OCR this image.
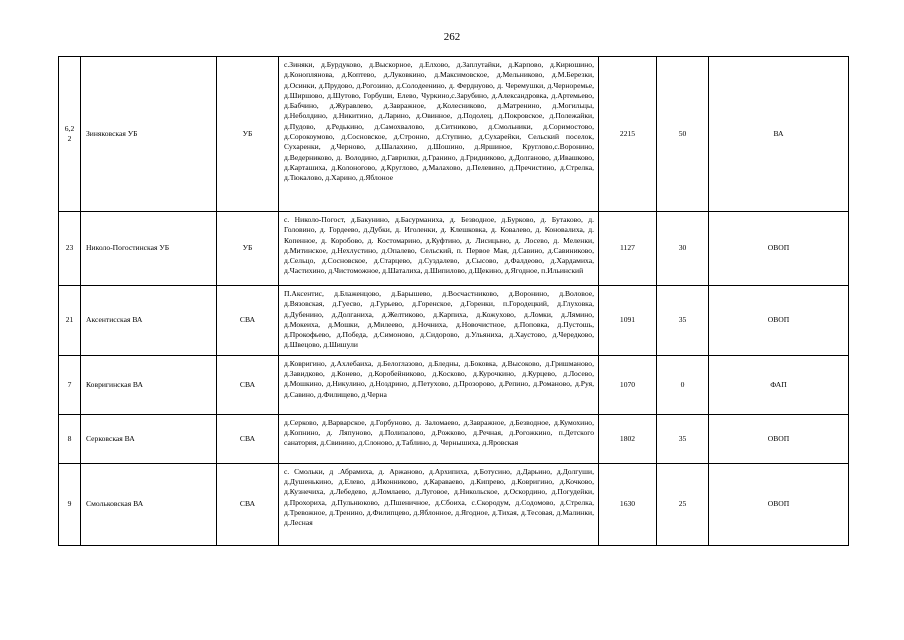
262
6,2 2	Зиняковская УБ	УБ	с.Зиняки, д.Бурдуково, д.Выскорное, д.Елхово, д.Заплутайки, д.Карпово, д.Кирюшино, д.Коноплянова, д.Коптево, д.Луковкино, д.Максимовское, д.Мельниково, д.М.Березки, д.Осинки, д.Прудово, д.Рогозино, д.Солодеенино, д. Ферднуово, д. Черемушки, д.Черноремье, д.Ширшово, д.Шутово, Горбуши, Елево, Чуркино,с.Зарубино, д.Александровка, д.Артемьево, д.Бабчино, д.Журавлево, д.Завражное, д.Колесниково, д.Матренино, д.Могильцы, д.Неболдино, д.Никитино, д.Ларино, д.Овинное, д.Подолец, д.Покровское, д.Полежайки, д.Пудово, д.Редькино, д.Самохвалово, д.Ситниково, д.Смольники, д.Соримостово, д.Сорокоумово, д.Сосновское, д.Стронно, д.Ступино, д.Сухарейки, Сельский поселок, Сухаренки, д.Черново, д.Шалахино, д.Шошино, д.Яршиное, Круглово,с.Воронино, д.Ведерниково, д. Володино, д.Гаврилки, д.Гранино, д.Гридниково, д.Долганово, д.Ивашково, д.Карташиха, д.Колоногово, д.Круглово, д.Малахово, д.Пелевино, д.Пречистино, д.Стрелка, д.Тюкалово, д.Харино, д.Яблоное	2215	50	ВА
23	Николо-Погостинская УБ	УБ	с. Николо-Погост, д.Бакунино, д.Басурманиха, д. Безводное, д.Бурково, д. Бутаково, д. Головино, д. Гордеево, д.Дубки, д. Иголенки, д. Клешковка, д. Ковалево, д. Коновалиха, д. Копенное, д. Коробово, д. Костомарино, д.Куфтино, д. Лисицыно, д. Лосево, д. Меленки, д.Митинское, д.Нехлустино, д.Опалево, Сельский, п. Первое Мая, д.Савино, д.Савиниково, д.Сельцо, д.Сосновское, д.Старцево, д.Суздалево, д.Сысово, д.Фалдеово, д.Хардамиха, д.Частихино, д.Чистоможное, д.Шаталиха, д.Шипилово, д.Щекино, д.Ягодное, п.Ильинский	1127	30	ОВОП
21	Аксентисская ВА	СВА	П.Аксентис, д.Блаженцово, д.Барышево, д.Восчастниково, д.Воронино, д.Воловое, д.Вязовская, д.Гуесво, д.Гурьево, д.Горенское, д.Горенки, п.Городецкий, д.Глуховка, д.Дубенино, д.Долганиха, д.Желтиково, д.Карпиха, д.Кожухово, д.Ломки, д.Лямино, д.Мокеиха, д.Мошки, д.Милеево, д.Ночниха, д.Новочистное, д.Поповка, д.Пустошь, д.Прокофьево, д.Победа, д.Симоново, д.Сидорово, д.Ульяниха, д.Хаустово, д.Чередково, д.Швецово, д.Шишули	1091	35	ОВОП
7	Ковригинская ВА	СВА	д.Ковригино, д.Ахлебаиха, д.Белоглазово, д.Бледны, д.Боковка, д.Высоково, д.Гришманово, д.Завидково, д.Конево, д.Коробейниково, д.Косково, д.Курочкино, д.Курцево, д.Лосево, д.Мошкино, д.Никулино, д.Ноздрино, д.Петухово, д.Прозорово, д.Репино, д.Романово, д.Руя, д.Савино, д.Филищево, д.Черна	1070	0	ФАП
8	Серковская ВА	СВА	д.Серково, д.Варварское, д.Горбуново, д. Заломаево, д.Завражное, д.Безводное, д.Кумохино, д.Копнино, д. Ляпуново, д.Полизалово, д.Рожково, д.Речная, д.Рогожкино, п.Детского санатория, д.Свинино, д.Слоново, д.Таблино, д. Чернышиха, д.Яровская	1802	35	ОВОП
9	Смольковская ВА	СВА	с. Смольки, д .Абрамиха, д. Аржаново, д.Архипиха, д.Ботусино, д.Дарьино, д.Долгуши, д.Душенькино, д.Елево, д.Иконниково, д.Караваево, д.Кипрево, д.Ковригино, д.Кочково, д.Кузнечиха, д.Лебедево, д.Ломлаево, д.Луговое, д.Никольское, д.Оскордино, д.Погудейки, д.Прохориха, д.Пульнюково, д.Пшеничное, д.Сбоиха, с.Скородум, д.Содомово, д.Стрелка, д.Тревожное, д.Тренино, д.Филипцево, д.Яблонное, д.Ягодное, д.Тихая, д.Тесовая, д.Малинки, д.Лесная	1630	25	ОВОП
